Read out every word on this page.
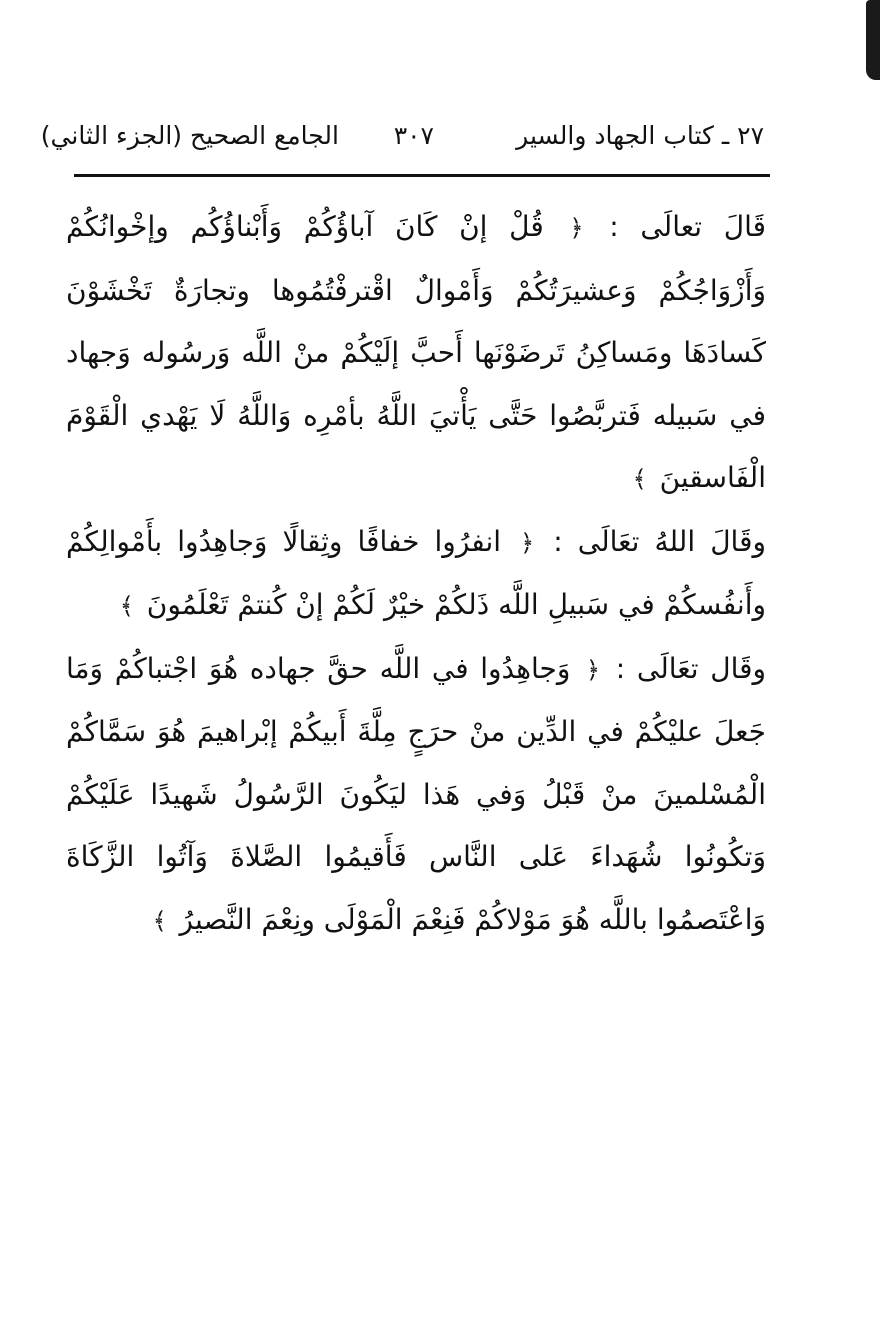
٢٧ ـ كتاب الجهاد والسير
٣٠٧
الجامع الصحيح (الجزء الثاني)

قَالَ تعالَى : ﴿ قُلْ إنْ كَانَ آباؤُكُمْ وَأَبْناؤُكُم وإخْوانُكُمْ وَأَزْوَاجُكُمْ وَعشيرَتُكُمْ وَأَمْوالٌ اقْترفْتُمُوها وتجارَةٌ تَخْشَوْنَ كَسادَهَا ومَساكِنُ تَرضَوْنَها أَحبَّ إلَيْكُمْ منْ اللَّه وَرسُوله وَجهاد في سَبيله فَتربَّصُوا حَتَّى يَأْتيَ اللَّهُ بأمْرِه وَاللَّهُ لَا يَهْدي الْقَوْمَ الْفَاسقينَ ﴾

وقَالَ اللهُ تعَالَى : ﴿ انفرُوا خفافًا وثِقالًا وَجاهِدُوا بأَمْوالِكُمْ وأَنفُسكُمْ في سَبيلِ اللَّه ذَلكُمْ خيْرٌ لَكُمْ إنْ كُنتمْ تَعْلَمُونَ ﴾

وقَال تعَالَى : ﴿ وَجاهِدُوا في اللَّه حقَّ جهاده هُوَ اجْتباكُمْ وَمَا جَعلَ عليْكُمْ في الدِّين منْ حرَجٍ مِلَّةَ أَبيكُمْ إبْراهيمَ هُوَ سَمَّاكُمْ الْمُسْلمينَ منْ قَبْلُ وَفي هَذا ليَكُونَ الرَّسُولُ شَهيدًا عَلَيْكُمْ وَتكُونُوا شُهَداءَ عَلى النَّاس فَأَقيمُوا الصَّلاةَ وَآتُوا الزَّكَاةَ وَاعْتَصمُوا باللَّه هُوَ مَوْلاكُمْ فَنِعْمَ الْمَوْلَى ونِعْمَ النَّصيرُ ﴾
